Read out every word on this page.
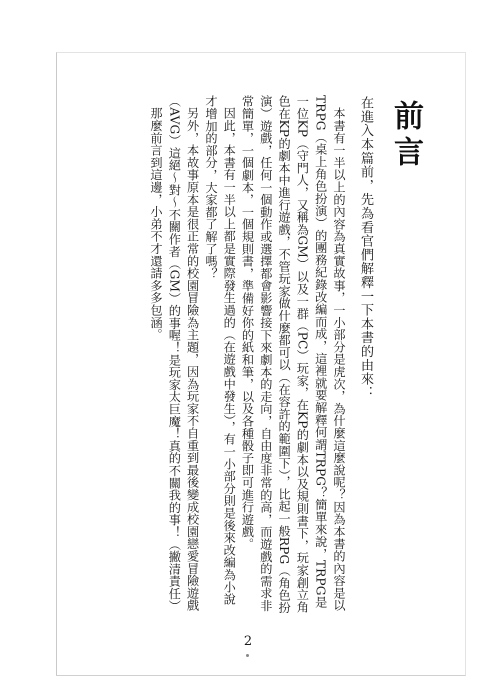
前言
在進入本篇前，先為看官們解釋一下本書的由來：

本書有一半以上的內容為真實故事，一小部分是虎次，為什麼這麼說呢？因為本書的內容是以TRPG（桌上角色扮演）的團務紀錄改編而成，這裡就要解釋何謂TRPG？簡單來說，TRPG是一位KP（守門人，又稱為GM）以及一群（PC）玩家，在KP的劇本以及規則書下，玩家創立角色在KP的劇本中進行遊戲，不管玩家做什麼都可以（在容許的範圍下），比起一般RPG（角色扮演）遊戲，任何一個動作或選擇都會影響接下來劇本的走向，自由度非常的高，而遊戲的需求非常簡單，一個劇本，一個規則書，準備好你的紙和筆，以及各種骰子即可進行遊戲。

因此，本書有一半以上都是實際發生過的（在遊戲中發生），有一小部分則是後來改編為小說才增加的部分，大家都了解了嗎？

另外，本故事原本是很正常的校園冒險為主題，因為玩家不自重到最後變成校園戀愛冒險遊戲（AVG）這絕～對～不關作者（GM）的事喔！是玩家太巨魔！真的不關我的事！（撇清責任）

那麼前言到這邊，小弟不才還請多多包涵。

2
